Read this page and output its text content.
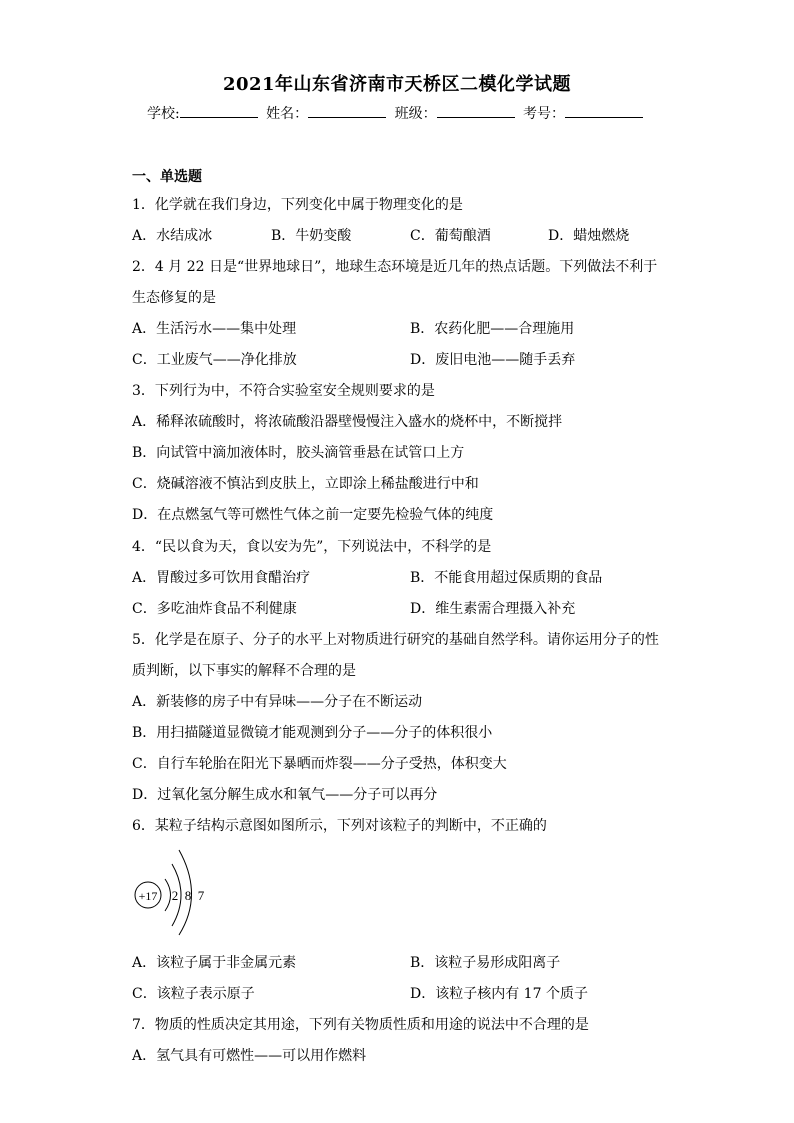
2021年山东省济南市天桥区二模化学试题
学校:	姓名：	班级：	考号：
一、单选题
1．化学就在我们身边，下列变化中属于物理变化的是
A．水结成冰	B．牛奶变酸	C．葡萄酿酒	D．蜡烛燃烧
2．4 月 22 日是“世界地球日”，地球生态环境是近几年的热点话题。下列做法不利于
生态修复的是
A．生活污水——集中处理	B．农药化肥——合理施用
C．工业废气——净化排放	D．废旧电池——随手丢弃
3．下列行为中，不符合实验室安全规则要求的是
A．稀释浓硫酸时，将浓硫酸沿器壁慢慢注入盛水的烧杯中，不断搅拌
B．向试管中滴加液体时，胶头滴管垂悬在试管口上方
C．烧碱溶液不慎沾到皮肤上，立即涂上稀盐酸进行中和
D．在点燃氢气等可燃性气体之前一定要先检验气体的纯度
4．“民以食为天，食以安为先”，下列说法中，不科学的是
A．胃酸过多可饮用食醋治疗	B．不能食用超过保质期的食品
C．多吃油炸食品不利健康	D．维生素需合理摄入补充
5．化学是在原子、分子的水平上对物质进行研究的基础自然学科。请你运用分子的性
质判断，以下事实的解释不合理的是
A．新装修的房子中有异味——分子在不断运动
B．用扫描隧道显微镜才能观测到分子——分子的体积很小
C．自行车轮胎在阳光下暴晒而炸裂——分子受热，体积变大
D．过氧化氢分解生成水和氧气——分子可以再分
6．某粒子结构示意图如图所示，下列对该粒子的判断中，不正确的
+17 2 8 7
A．该粒子属于非金属元素	B．该粒子易形成阳离子
C．该粒子表示原子	D．该粒子核内有 17 个质子
7．物质的性质决定其用途，下列有关物质性质和用途的说法中不合理的是
A．氢气具有可燃性——可以用作燃料
